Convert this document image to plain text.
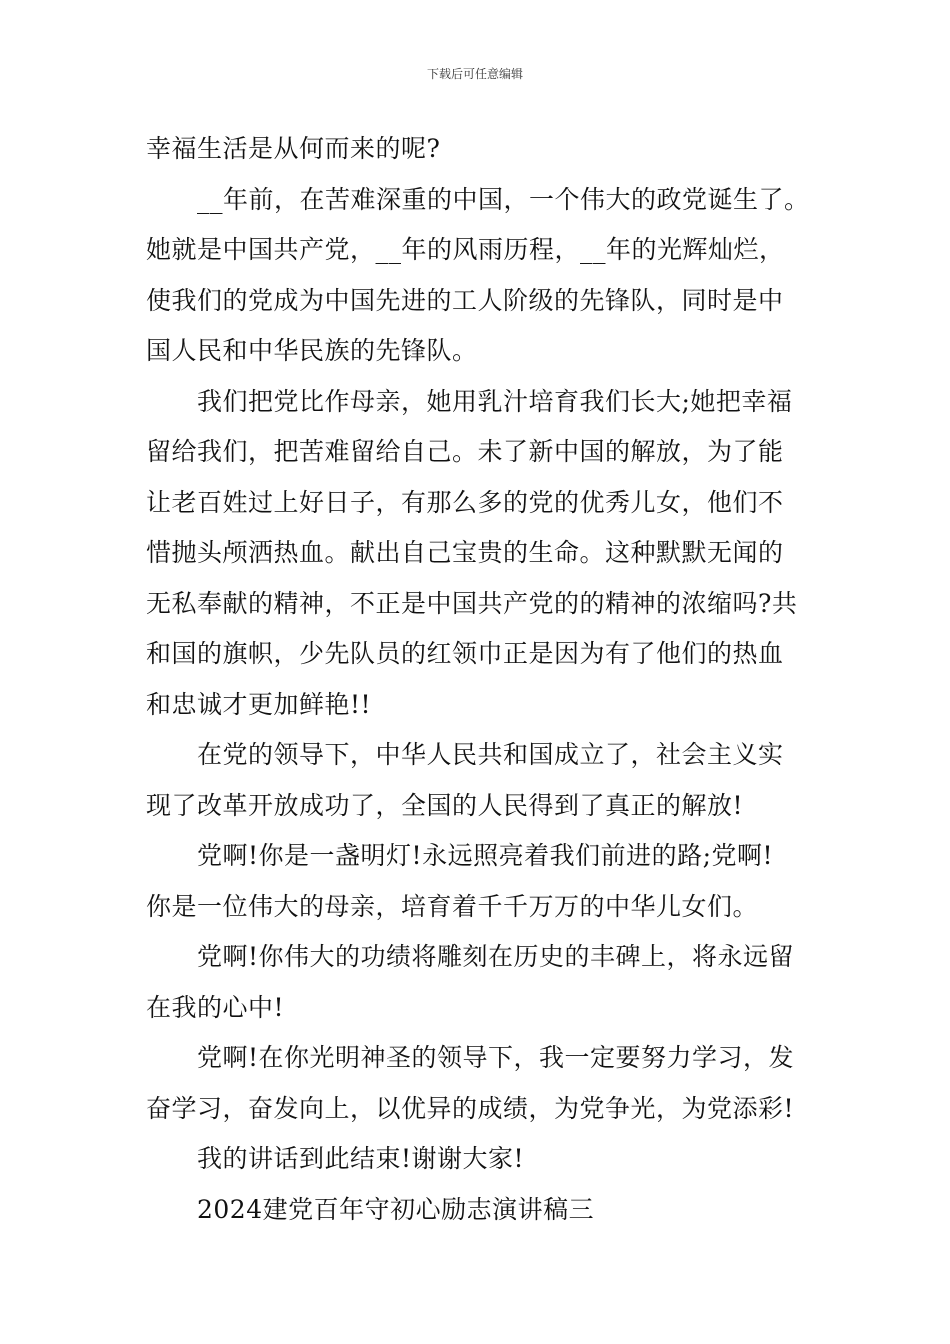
下载后可任意编辑

幸福生活是从何而来的呢?

__年前，在苦难深重的中国，一个伟大的政党诞生了。
她就是中国共产党，__年的风雨历程，__年的光辉灿烂，
使我们的党成为中国先进的工人阶级的先锋队，同时是中
国人民和中华民族的先锋队。

我们把党比作母亲，她用乳汁培育我们长大;她把幸福
留给我们，把苦难留给自己。未了新中国的解放，为了能
让老百姓过上好日子，有那么多的党的优秀儿女，他们不
惜抛头颅洒热血。献出自己宝贵的生命。这种默默无闻的
无私奉献的精神，不正是中国共产党的的精神的浓缩吗?共
和国的旗帜，少先队员的红领巾正是因为有了他们的热血
和忠诚才更加鲜艳!!

在党的领导下，中华人民共和国成立了，社会主义实
现了改革开放成功了，全国的人民得到了真正的解放!

党啊!你是一盏明灯!永远照亮着我们前进的路;党啊!
你是一位伟大的母亲，培育着千千万万的中华儿女们。

党啊!你伟大的功绩将雕刻在历史的丰碑上，将永远留
在我的心中!

党啊!在你光明神圣的领导下，我一定要努力学习，发
奋学习，奋发向上，以优异的成绩，为党争光，为党添彩!

我的讲话到此结束!谢谢大家!

2024建党百年守初心励志演讲稿三
